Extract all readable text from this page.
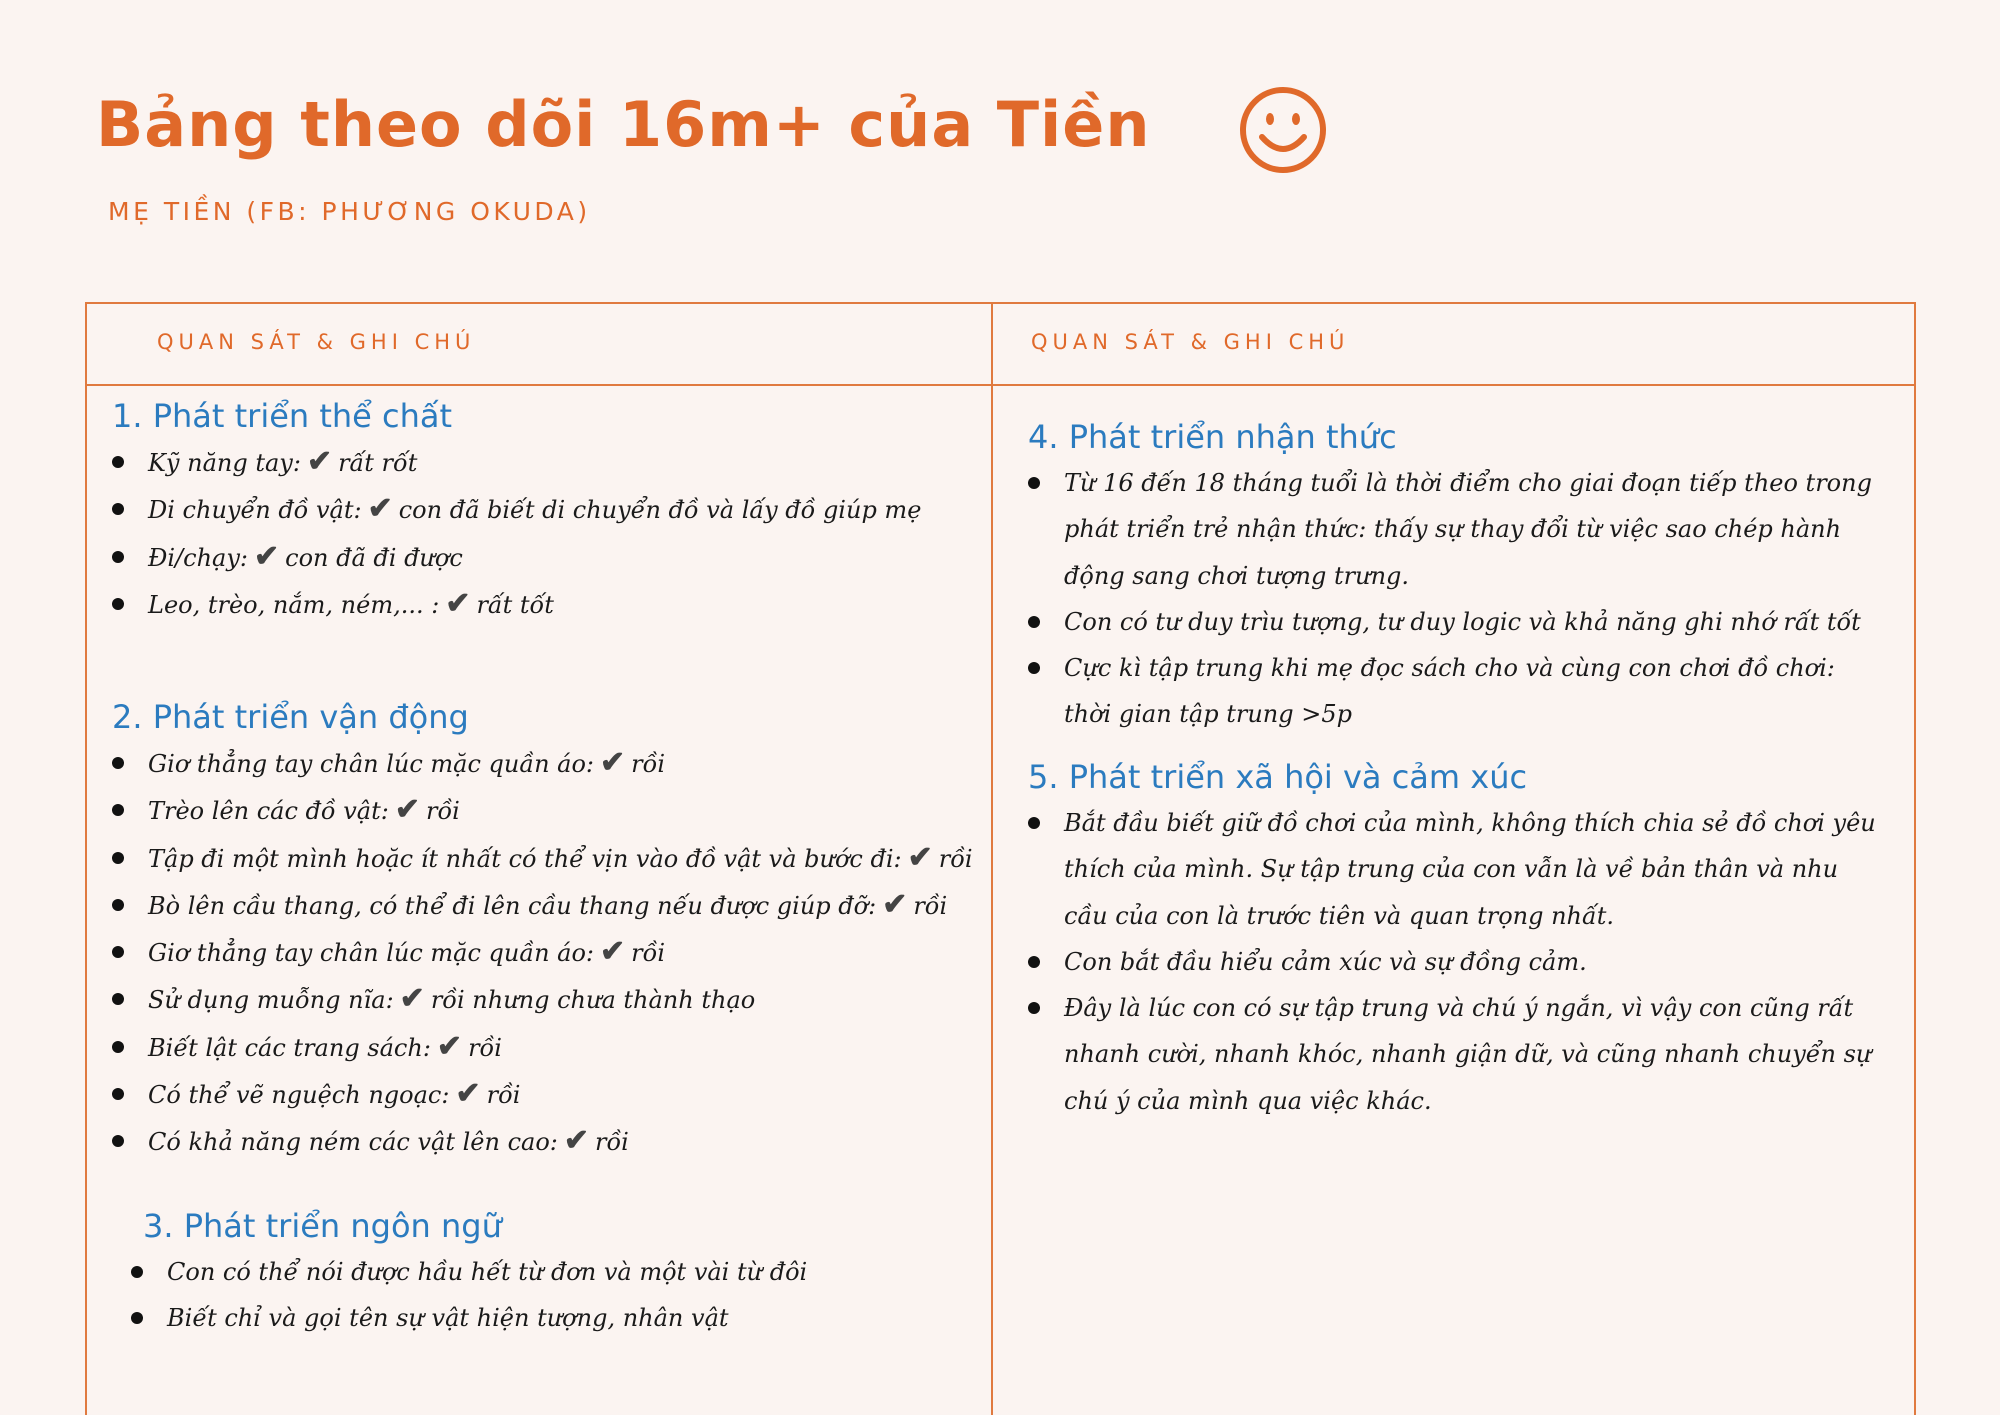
Bảng theo dõi 16m+ của Tiền
MẸ TIỀN (FB: PHƯƠNG OKUDA)
QUAN SÁT & GHI CHÚ	QUAN SÁT & GHI CHÚ
1. Phát triển thể chất
Kỹ năng tay: ✔ rất rốt
Di chuyển đồ vật: ✔ con đã biết di chuyển đồ và lấy đồ giúp mẹ
Đi/chạy: ✔ con đã đi được
Leo, trèo, nắm, ném,... : ✔ rất tốt
2. Phát triển vận động
Giơ thẳng tay chân lúc mặc quần áo: ✔ rồi
Trèo lên các đồ vật: ✔ rồi
Tập đi một mình hoặc ít nhất có thể vịn vào đồ vật và bước đi: ✔ rồi
Bò lên cầu thang, có thể đi lên cầu thang nếu được giúp đỡ: ✔ rồi
Giơ thẳng tay chân lúc mặc quần áo: ✔ rồi
Sử dụng muỗng nĩa: ✔ rồi nhưng chưa thành thạo
Biết lật các trang sách: ✔ rồi
Có thể vẽ nguệch ngoạc: ✔ rồi
Có khả năng ném các vật lên cao: ✔ rồi
3. Phát triển ngôn ngữ
Con có thể nói được hầu hết từ đơn và một vài từ đôi
Biết chỉ và gọi tên sự vật hiện tượng, nhân vật
4. Phát triển nhận thức
Từ 16 đến 18 tháng tuổi là thời điểm cho giai đoạn tiếp theo trong phát triển trẻ nhận thức: thấy sự thay đổi từ việc sao chép hành động sang chơi tượng trưng.
Con có tư duy trìu tượng, tư duy logic và khả năng ghi nhớ rất tốt
Cực kì tập trung khi mẹ đọc sách cho và cùng con chơi đồ chơi: thời gian tập trung >5p
5. Phát triển xã hội và cảm xúc
Bắt đầu biết giữ đồ chơi của mình, không thích chia sẻ đồ chơi yêu thích của mình. Sự tập trung của con vẫn là về bản thân và nhu cầu của con là trước tiên và quan trọng nhất.
Con bắt đầu hiểu cảm xúc và sự đồng cảm.
Đây là lúc con có sự tập trung và chú ý ngắn, vì vậy con cũng rất nhanh cười, nhanh khóc, nhanh giận dữ, và cũng nhanh chuyển sự chú ý của mình qua việc khác.
